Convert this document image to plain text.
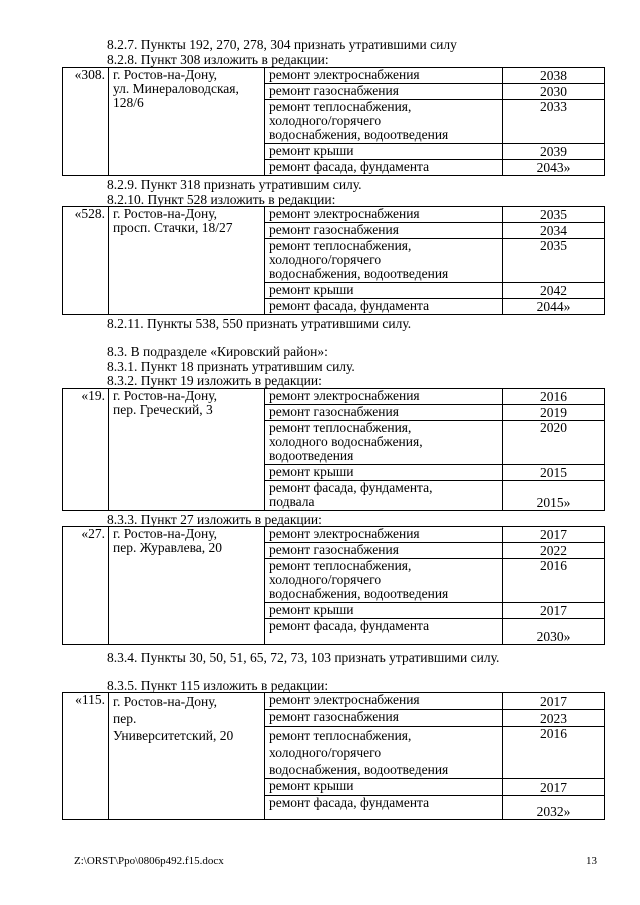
8.2.7. Пункты 192, 270, 278, 304 признать утратившими силу
8.2.8. Пункт 308 изложить в редакции:
«308.	г. Ростов-на-Дону,
ул. Минераловодская,
128/6	ремонт электроснабжения	2038
		ремонт газоснабжения	2030
		ремонт теплоснабжения,
холодного/горячего
водоснабжения, водоотведения	2033
		ремонт крыши	2039
		ремонт фасада, фундамента	2043»
8.2.9. Пункт 318 признать утратившим силу.
8.2.10. Пункт 528 изложить в редакции:
«528.	г. Ростов-на-Дону,
просп. Стачки, 18/27	ремонт электроснабжения	2035
		ремонт газоснабжения	2034
		ремонт теплоснабжения,
холодного/горячего
водоснабжения, водоотведения	2035
		ремонт крыши	2042
		ремонт фасада, фундамента	2044»
8.2.11. Пункты 538, 550 признать утратившими силу.
8.3. В подразделе «Кировский район»:
8.3.1. Пункт 18 признать утратившим силу.
8.3.2. Пункт 19 изложить в редакции:
«19.	г. Ростов-на-Дону,
пер. Греческий, 3	ремонт электроснабжения	2016
		ремонт газоснабжения	2019
		ремонт теплоснабжения,
холодного водоснабжения,
водоотведения	2020
		ремонт крыши	2015
		ремонт фасада, фундамента,
подвала	2015»
8.3.3. Пункт 27 изложить в редакции:
«27.	г. Ростов-на-Дону,
пер. Журавлева, 20	ремонт электроснабжения	2017
		ремонт газоснабжения	2022
		ремонт теплоснабжения,
холодного/горячего
водоснабжения, водоотведения	2016
		ремонт крыши	2017
		ремонт фасада, фундамента	2030»
8.3.4. Пункты 30, 50, 51, 65, 72, 73, 103 признать утратившими силу.
8.3.5. Пункт 115 изложить в редакции:
«115.	г. Ростов-на-Дону,
пер.
Университетский, 20	ремонт электроснабжения	2017
		ремонт газоснабжения	2023
		ремонт теплоснабжения,
холодного/горячего
водоснабжения, водоотведения	2016
		ремонт крыши	2017
		ремонт фасада, фундамента	2032»
Z:\ORST\Ppo\0806p492.f15.docx	13
